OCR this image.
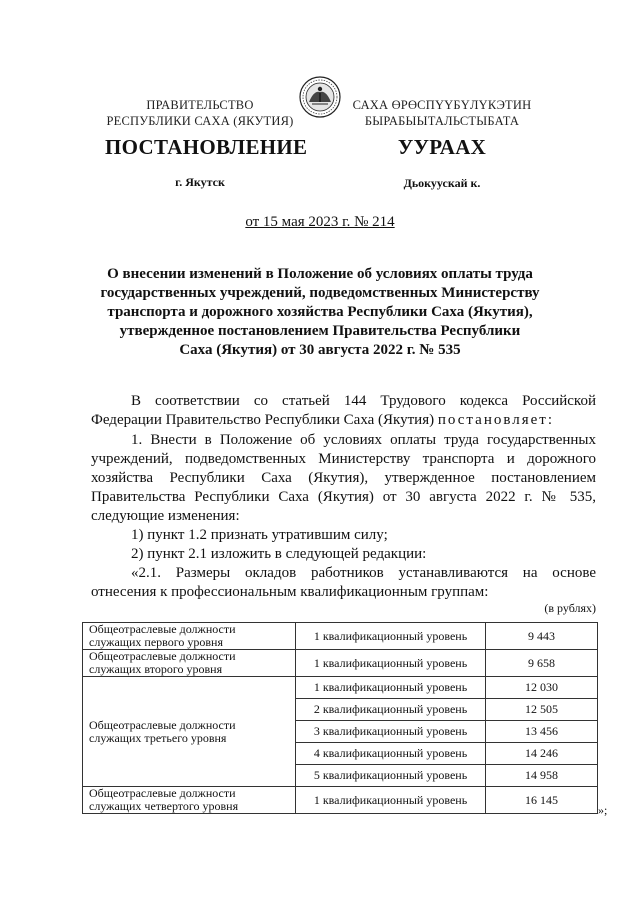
ПРАВИТЕЛЬСТВО
РЕСПУБЛИКИ САХА (ЯКУТИЯ)
САХА ӨРӨСПҮҮБҮЛҮКЭТИН
БЫРАБЫЫТАЛЬСТЫБАТА
ПОСТАНОВЛЕНИЕ	УУРААХ
г. Якутск	Дьокуускай к.
от 15 мая 2023 г. № 214
О внесении изменений в Положение об условиях оплаты труда
государственных учреждений, подведомственных Министерству
транспорта и дорожного хозяйства Республики Саха (Якутия),
утвержденное постановлением Правительства Республики
Саха (Якутия) от 30 августа 2022 г. № 535
В соответствии со статьей 144 Трудового кодекса Российской Федерации Правительство Республики Саха (Якутия) постановляет:
1. Внести в Положение об условиях оплаты труда государственных учреждений, подведомственных Министерству транспорта и дорожного хозяйства Республики Саха (Якутия), утвержденное постановлением Правительства Республики Саха (Якутия) от 30 августа 2022 г. № 535, следующие изменения:
1) пункт 1.2 признать утратившим силу;
2) пункт 2.1 изложить в следующей редакции:
«2.1. Размеры окладов работников устанавливаются на основе отнесения к профессиональным квалификационным группам:
(в рублях)
Общеотраслевые должности служащих первого уровня	1 квалификационный уровень	9 443
Общеотраслевые должности служащих второго уровня	1 квалификационный уровень	9 658
Общеотраслевые должности служащих третьего уровня	1 квалификационный уровень	12 030
	2 квалификационный уровень	12 505
	3 квалификационный уровень	13 456
	4 квалификационный уровень	14 246
	5 квалификационный уровень	14 958
Общеотраслевые должности служащих четвертого уровня	1 квалификационный уровень	16 145
»;
